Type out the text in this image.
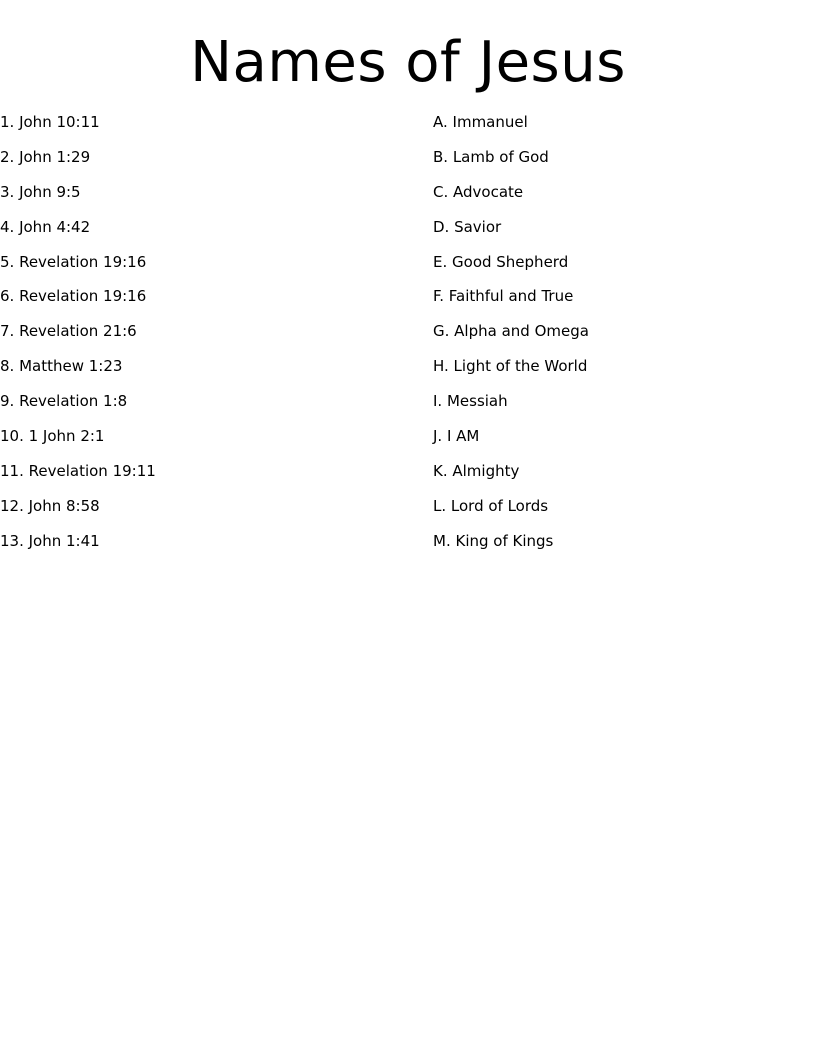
Names of Jesus
1. John 10:11
2. John 1:29
3. John 9:5
4. John 4:42
5. Revelation 19:16
6. Revelation 19:16
7. Revelation 21:6
8. Matthew 1:23
9. Revelation 1:8
10. 1 John 2:1
11. Revelation 19:11
12. John 8:58
13. John 1:41
A. Immanuel
B. Lamb of God
C. Advocate
D. Savior
E. Good Shepherd
F. Faithful and True
G. Alpha and Omega
H. Light of the World
I. Messiah
J. I AM
K. Almighty
L. Lord of Lords
M. King of Kings
